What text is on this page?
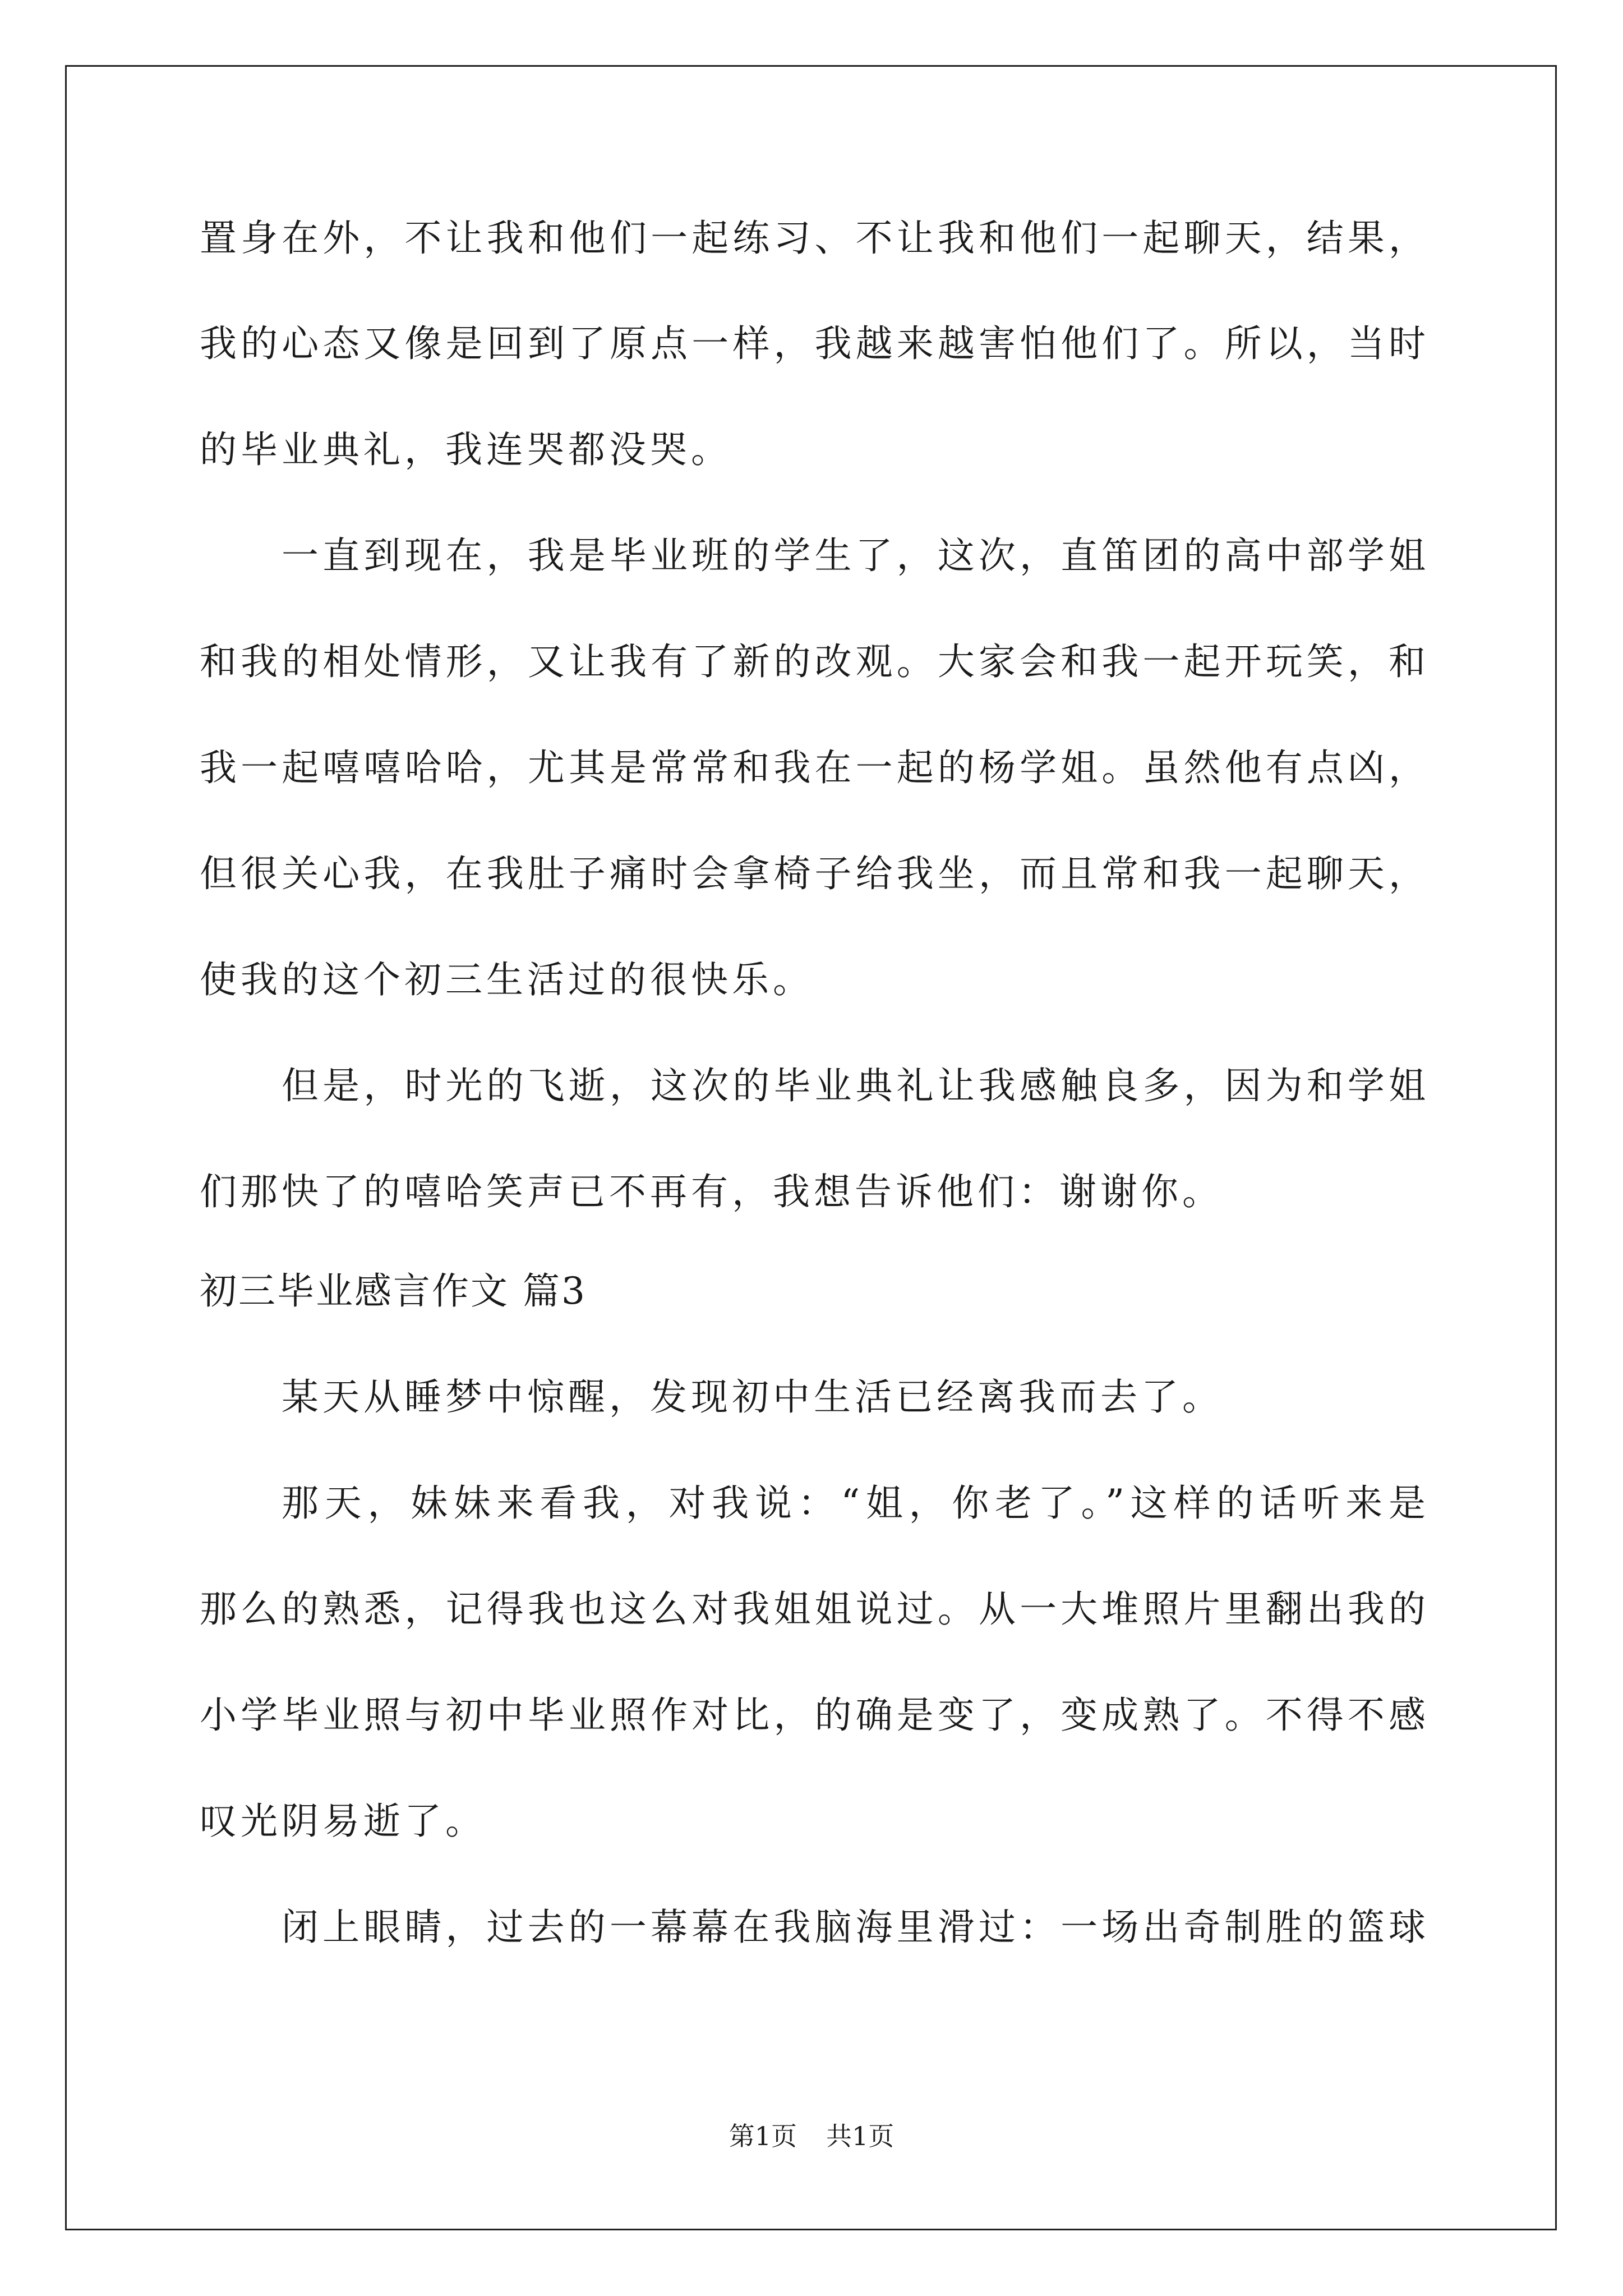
置身在外，不让我和他们一起练习、不让我和他们一起聊天，结果，
我的心态又像是回到了原点一样，我越来越害怕他们了。所以，当时
的毕业典礼，我连哭都没哭。
一直到现在，我是毕业班的学生了，这次，直笛团的高中部学姐
和我的相处情形，又让我有了新的改观。大家会和我一起开玩笑，和
我一起嘻嘻哈哈，尤其是常常和我在一起的杨学姐。虽然他有点凶，
但很关心我，在我肚子痛时会拿椅子给我坐，而且常和我一起聊天，
使我的这个初三生活过的很快乐。
但是，时光的飞逝，这次的毕业典礼让我感触良多，因为和学姐
们那快了的嘻哈笑声已不再有，我想告诉他们：谢谢你。
初三毕业感言作文 篇3
某天从睡梦中惊醒，发现初中生活已经离我而去了。
那天，妹妹来看我，对我说：“姐，你老了。”这样的话听来是
那么的熟悉，记得我也这么对我姐姐说过。从一大堆照片里翻出我的
小学毕业照与初中毕业照作对比，的确是变了，变成熟了。不得不感
叹光阴易逝了。
闭上眼睛，过去的一幕幕在我脑海里滑过：一场出奇制胜的篮球
第1页 共1页
